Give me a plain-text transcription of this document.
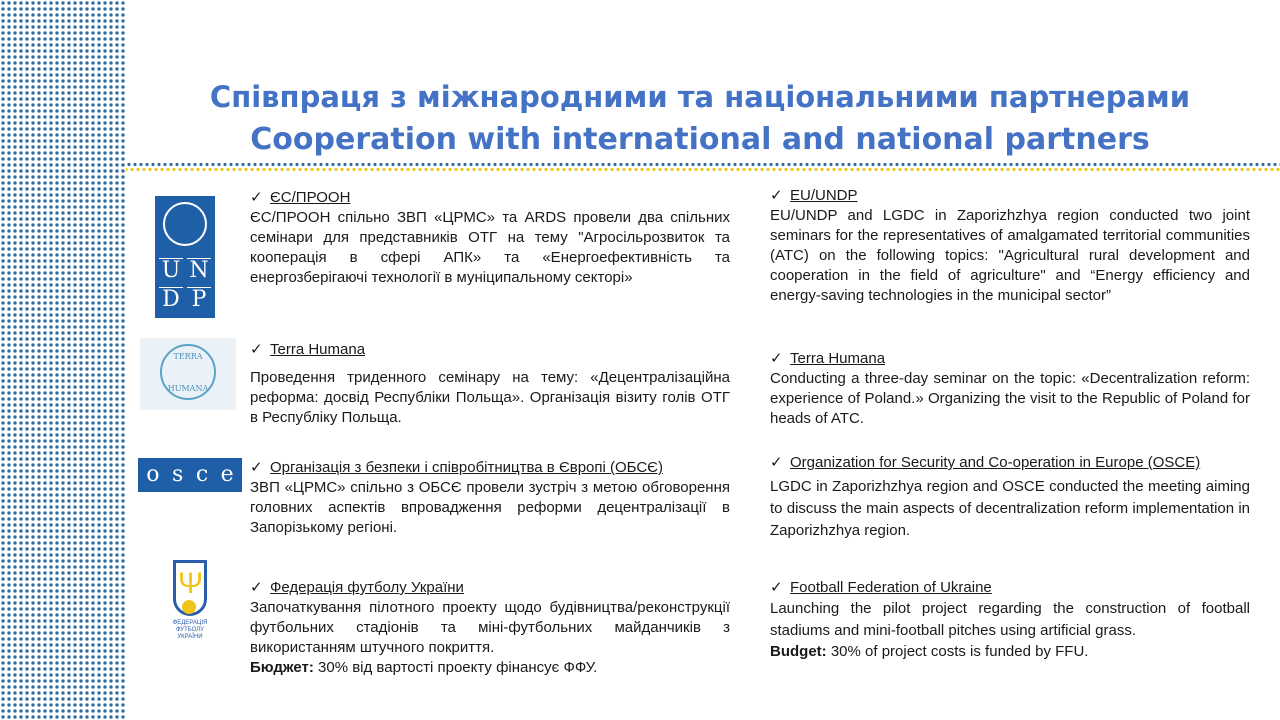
Співпраця з міжнародними та національними партнерами
Cooperation with international and national partners
U N
D P
TERRA
HUMANA
o s c e
Ψ
ФЕДЕРАЦІЯ ФУТБОЛУ УКРАЇНИ
✓ ЄС/ПРООН
ЄС/ПРООН спільно ЗВП «ЦРМС» та ARDS провели два спільних семінари для представників ОТГ на тему "Агросільрозвиток та кооперація в сфері АПК» та «Енергоефективність та енергозберігаючі технології в муніципальному секторі»
✓ Terra Humana
Проведення триденного семінару на тему: «Децентралізаційна реформа: досвід Республіки Польща». Організація візиту голів ОТГ в Республіку Польща.
✓ Організація з безпеки і співробітництва в Європі (ОБСЄ)
ЗВП «ЦРМС» спільно з ОБСЄ провели зустріч з метою обговорення головних аспектів впровадження реформи децентралізації в Запорізькому регіоні.
✓ Федерація футболу України
Започаткування пілотного проекту щодо будівництва/реконструкції футбольних стадіонів та міні-футбольних майданчиків з використанням штучного покриття.
Бюджет: 30% від вартості проекту фінансує ФФУ.
✓ EU/UNDP
EU/UNDP and LGDC in Zaporizhzhya region conducted two joint seminars for the representatives of amalgamated territorial communities (ATC) on the following topics: "Agricultural rural development and cooperation in the field of agriculture" and “Energy efficiency and energy-saving technologies in the municipal sector”
✓ Terra Humana
Conducting a three-day seminar on the topic: «Decentralization reform: experience of Poland.» Organizing the visit to the Republic of Poland for heads of ATC.
✓ Organization for Security and Co-operation in Europe (OSCE)
LGDC in Zaporizhzhya region and OSCE conducted the meeting aiming to discuss the main aspects of decentralization reform implementation in Zaporizhzhya region.
✓ Football Federation of Ukraine
Launching the pilot project regarding the construction of football stadiums and mini-football pitches using artificial grass.
Budget: 30% of project costs is funded by FFU.
